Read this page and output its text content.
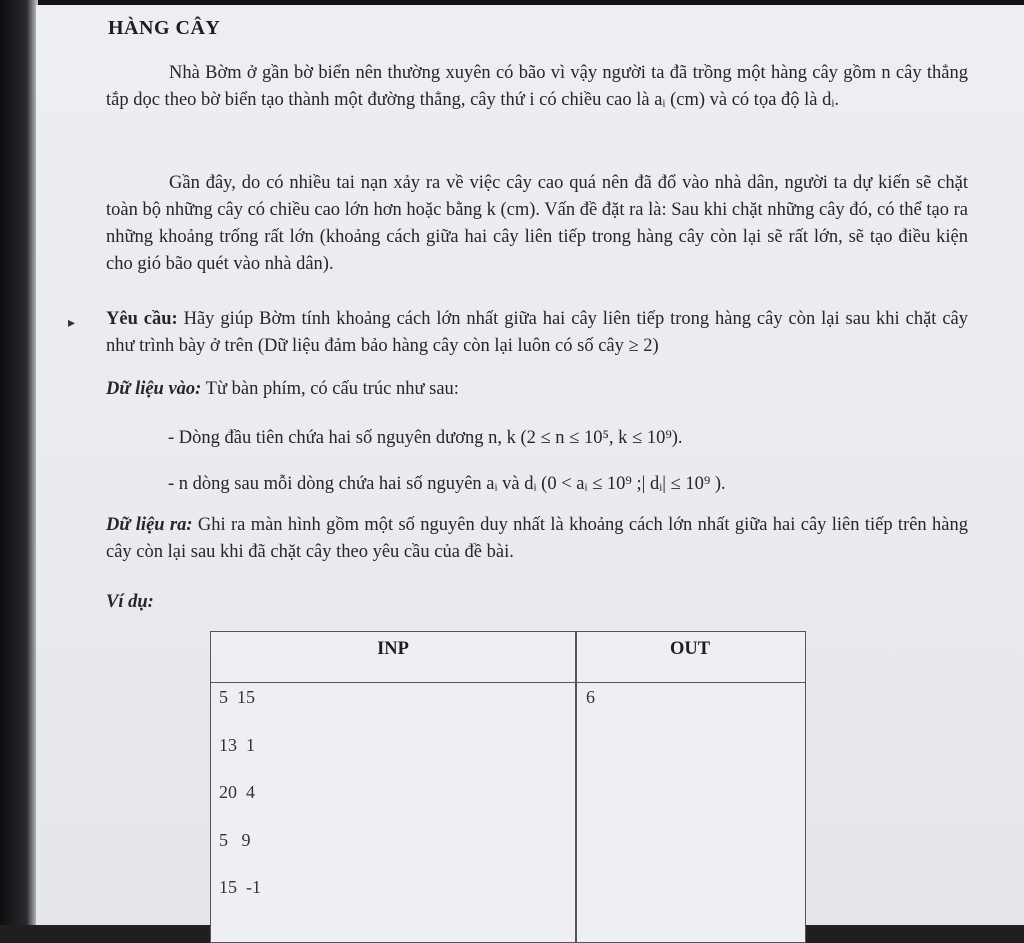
HÀNG CÂY

Nhà Bờm ở gần bờ biển nên thường xuyên có bão vì vậy người ta đã trồng một hàng cây gồm n cây thẳng tắp dọc theo bờ biển tạo thành một đường thẳng, cây thứ i có chiều cao là aᵢ (cm) và có tọa độ là dᵢ.

Gần đây, do có nhiều tai nạn xảy ra về việc cây cao quá nên đã đổ vào nhà dân, người ta dự kiến sẽ chặt toàn bộ những cây có chiều cao lớn hơn hoặc bằng k (cm). Vấn đề đặt ra là: Sau khi chặt những cây đó, có thể tạo ra những khoảng trống rất lớn (khoảng cách giữa hai cây liên tiếp trong hàng cây còn lại sẽ rất lớn, sẽ tạo điều kiện cho gió bão quét vào nhà dân).

▸ Yêu cầu: Hãy giúp Bờm tính khoảng cách lớn nhất giữa hai cây liên tiếp trong hàng cây còn lại sau khi chặt cây như trình bày ở trên (Dữ liệu đảm bảo hàng cây còn lại luôn có số cây ≥ 2)

Dữ liệu vào: Từ bàn phím, có cấu trúc như sau:

- Dòng đầu tiên chứa hai số nguyên dương n, k (2 ≤ n ≤ 10⁵, k ≤ 10⁹).

- n dòng sau mỗi dòng chứa hai số nguyên aᵢ và dᵢ (0 < aᵢ ≤ 10⁹ ;| dᵢ| ≤ 10⁹ ).

Dữ liệu ra: Ghi ra màn hình gồm một số nguyên duy nhất là khoảng cách lớn nhất giữa hai cây liên tiếp trên hàng cây còn lại sau khi đã chặt cây theo yêu cầu của đề bài.

Ví dụ:

INP	OUT
5  15
13  1
20  4
5   9
15  -1
6
